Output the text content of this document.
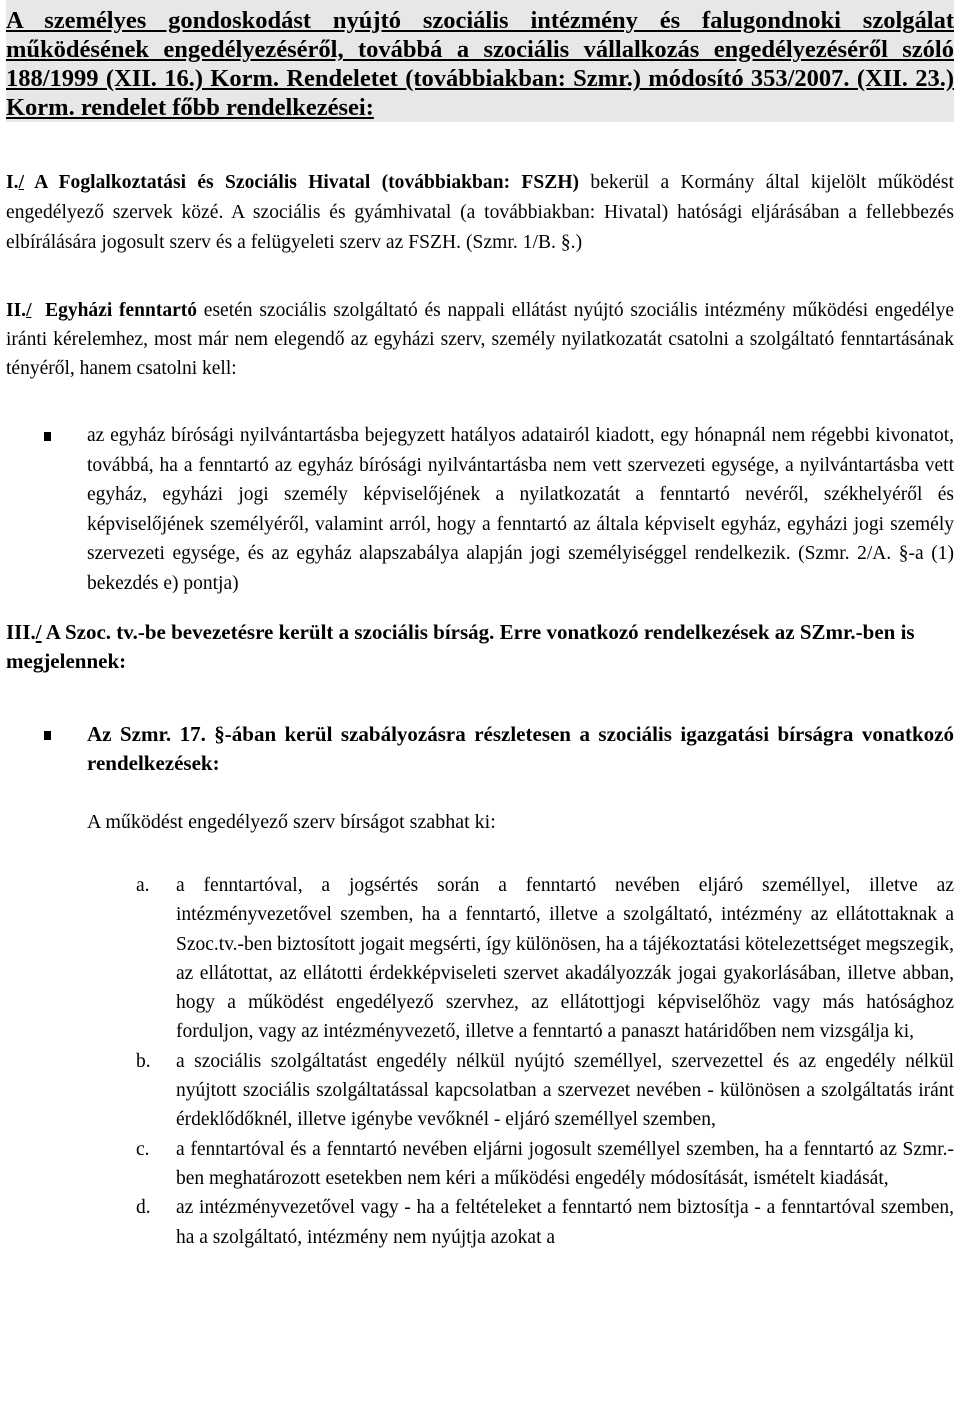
A személyes gondoskodást nyújtó szociális intézmény és falugondnoki szolgálat működésének engedélyezéséről, továbbá a szociális vállalkozás engedélyezéséről szóló 188/1999 (XII. 16.) Korm. Rendeletet (továbbiakban: Szmr.) módosító 353/2007. (XII. 23.) Korm. rendelet főbb rendelkezései:

I./ A Foglalkoztatási és Szociális Hivatal (továbbiakban: FSZH) bekerül a Kormány által kijelölt működést engedélyező szervek közé. A szociális és gyámhivatal (a továbbiakban: Hivatal) hatósági eljárásában a fellebbezés elbírálására jogosult szerv és a felügyeleti szerv az FSZH. (Szmr. 1/B. §.)

II./  Egyházi fenntartó esetén szociális szolgáltató és nappali ellátást nyújtó szociális intézmény működési engedélye iránti kérelemhez, most már nem elegendő az egyházi szerv, személy nyilatkozatát csatolni a szolgáltató fenntartásának tényéről, hanem csatolni kell:

az egyház bírósági nyilvántartásba bejegyzett hatályos adatairól kiadott, egy hónapnál nem régebbi kivonatot, továbbá, ha a fenntartó az egyház bírósági nyilvántartásba nem vett szervezeti egysége, a nyilvántartásba vett egyház, egyházi jogi személy képviselőjének a nyilatkozatát a fenntartó nevéről, székhelyéről és képviselőjének személyéről, valamint arról, hogy a fenntartó az általa képviselt egyház, egyházi jogi személy szervezeti egysége, és az egyház alapszabálya alapján jogi személyiséggel rendelkezik. (Szmr. 2/A. §-a (1) bekezdés e) pontja)

III./ A Szoc. tv.-be bevezetésre került a szociális bírság. Erre vonatkozó rendelkezések az SZmr.-ben is megjelennek:

Az Szmr. 17. §-ában kerül szabályozásra részletesen a szociális igazgatási bírságra vonatkozó rendelkezések:

A működést engedélyező szerv bírságot szabhat ki:

a. a fenntartóval, a jogsértés során a fenntartó nevében eljáró személlyel, illetve az intézményvezetővel szemben, ha a fenntartó, illetve a szolgáltató, intézmény az ellátottaknak a Szoc.tv.-ben biztosított jogait megsérti, így különösen, ha a tájékoztatási kötelezettséget megszegik, az ellátottat, az ellátotti érdekképviseleti szervet akadályozzák jogai gyakorlásában, illetve abban, hogy a működést engedélyező szervhez, az ellátottjogi képviselőhöz vagy más hatósághoz forduljon, vagy az intézményvezető, illetve a fenntartó a panaszt határidőben nem vizsgálja ki,
b. a szociális szolgáltatást engedély nélkül nyújtó személlyel, szervezettel és az engedély nélkül nyújtott szociális szolgáltatással kapcsolatban a szervezet nevében - különösen a szolgáltatás iránt érdeklődőknél, illetve igénybe vevőknél - eljáró személlyel szemben,
c. a fenntartóval és a fenntartó nevében eljárni jogosult személlyel szemben, ha a fenntartó az Szmr.-ben meghatározott esetekben nem kéri a működési engedély módosítását, ismételt kiadását,
d. az intézményvezetővel vagy - ha a feltételeket a fenntartó nem biztosítja - a fenntartóval szemben, ha a szolgáltató, intézmény nem nyújtja azokat a
